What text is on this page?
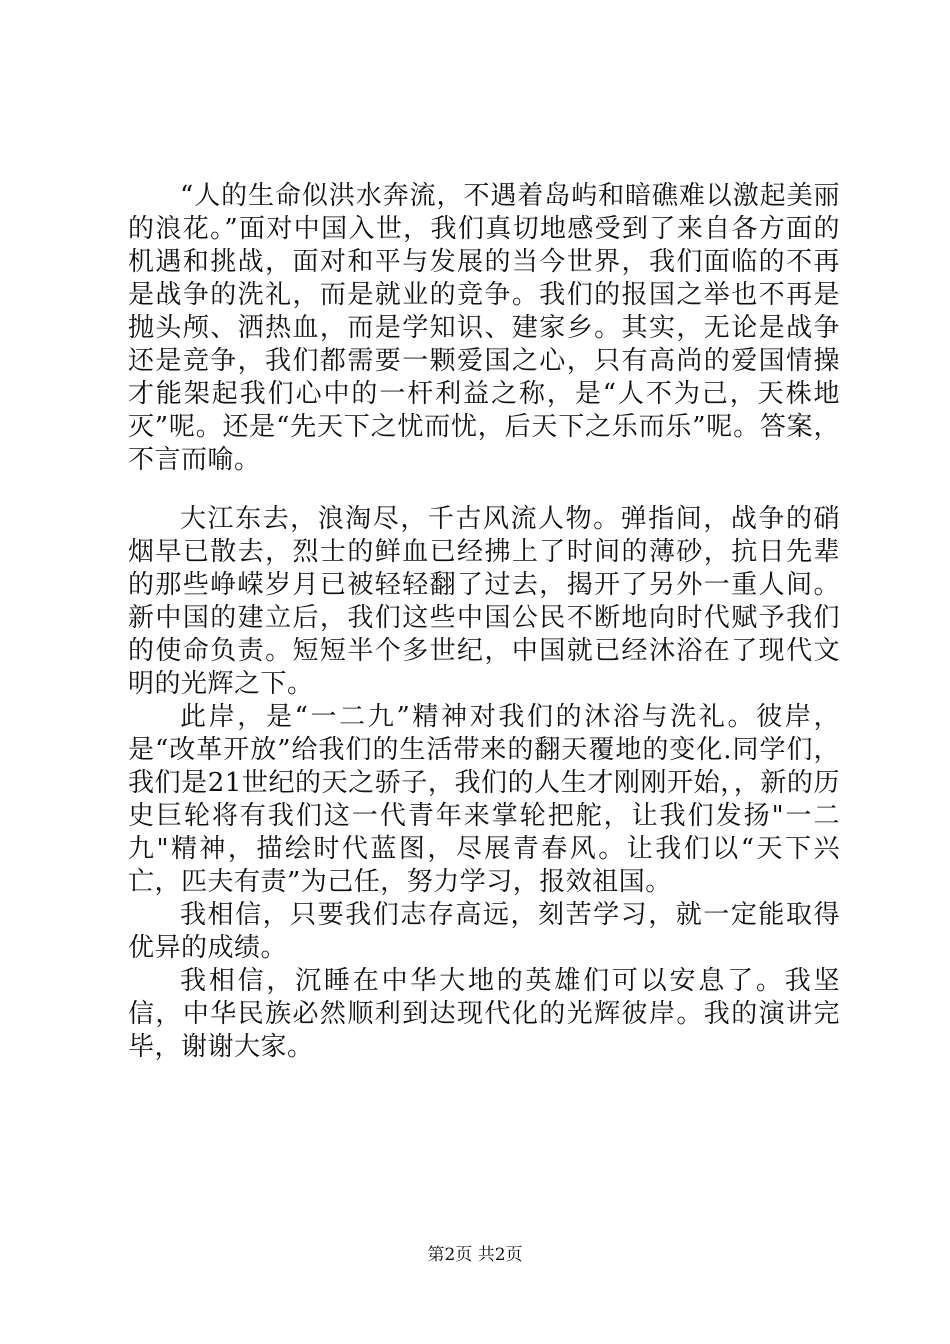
“人的生命似洪水奔流，不遇着岛屿和暗礁难以激起美丽的浪花。”面对中国入世，我们真切地感受到了来自各方面的机遇和挑战，面对和平与发展的当今世界，我们面临的不再是战争的洗礼，而是就业的竞争。我们的报国之举也不再是抛头颅、洒热血，而是学知识、建家乡。其实，无论是战争还是竞争，我们都需要一颗爱国之心，只有高尚的爱国情操才能架起我们心中的一杆利益之称，是“人不为己，天株地灭”呢。还是“先天下之忧而忧，后天下之乐而乐”呢。答案，不言而喻。

大江东去，浪淘尽，千古风流人物。弹指间，战争的硝烟早已散去，烈士的鲜血已经拂上了时间的薄砂，抗日先辈的那些峥嵘岁月已被轻轻翻了过去，揭开了另外一重人间。新中国的建立后，我们这些中国公民不断地向时代赋予我们的使命负责。短短半个多世纪，中国就已经沐浴在了现代文明的光辉之下。

此岸，是“一二九”精神对我们的沐浴与洗礼。彼岸，是“改革开放”给我们的生活带来的翻天覆地的变化.同学们，我们是21世纪的天之骄子，我们的人生才刚刚开始，，新的历史巨轮将有我们这一代青年来掌轮把舵，让我们发扬"一二九"精神，描绘时代蓝图，尽展青春风。让我们以“天下兴亡，匹夫有责”为己任，努力学习，报效祖国。

我相信，只要我们志存高远，刻苦学习，就一定能取得优异的成绩。

我相信，沉睡在中华大地的英雄们可以安息了。我坚信，中华民族必然顺利到达现代化的光辉彼岸。我的演讲完毕，谢谢大家。

第2页 共2页
